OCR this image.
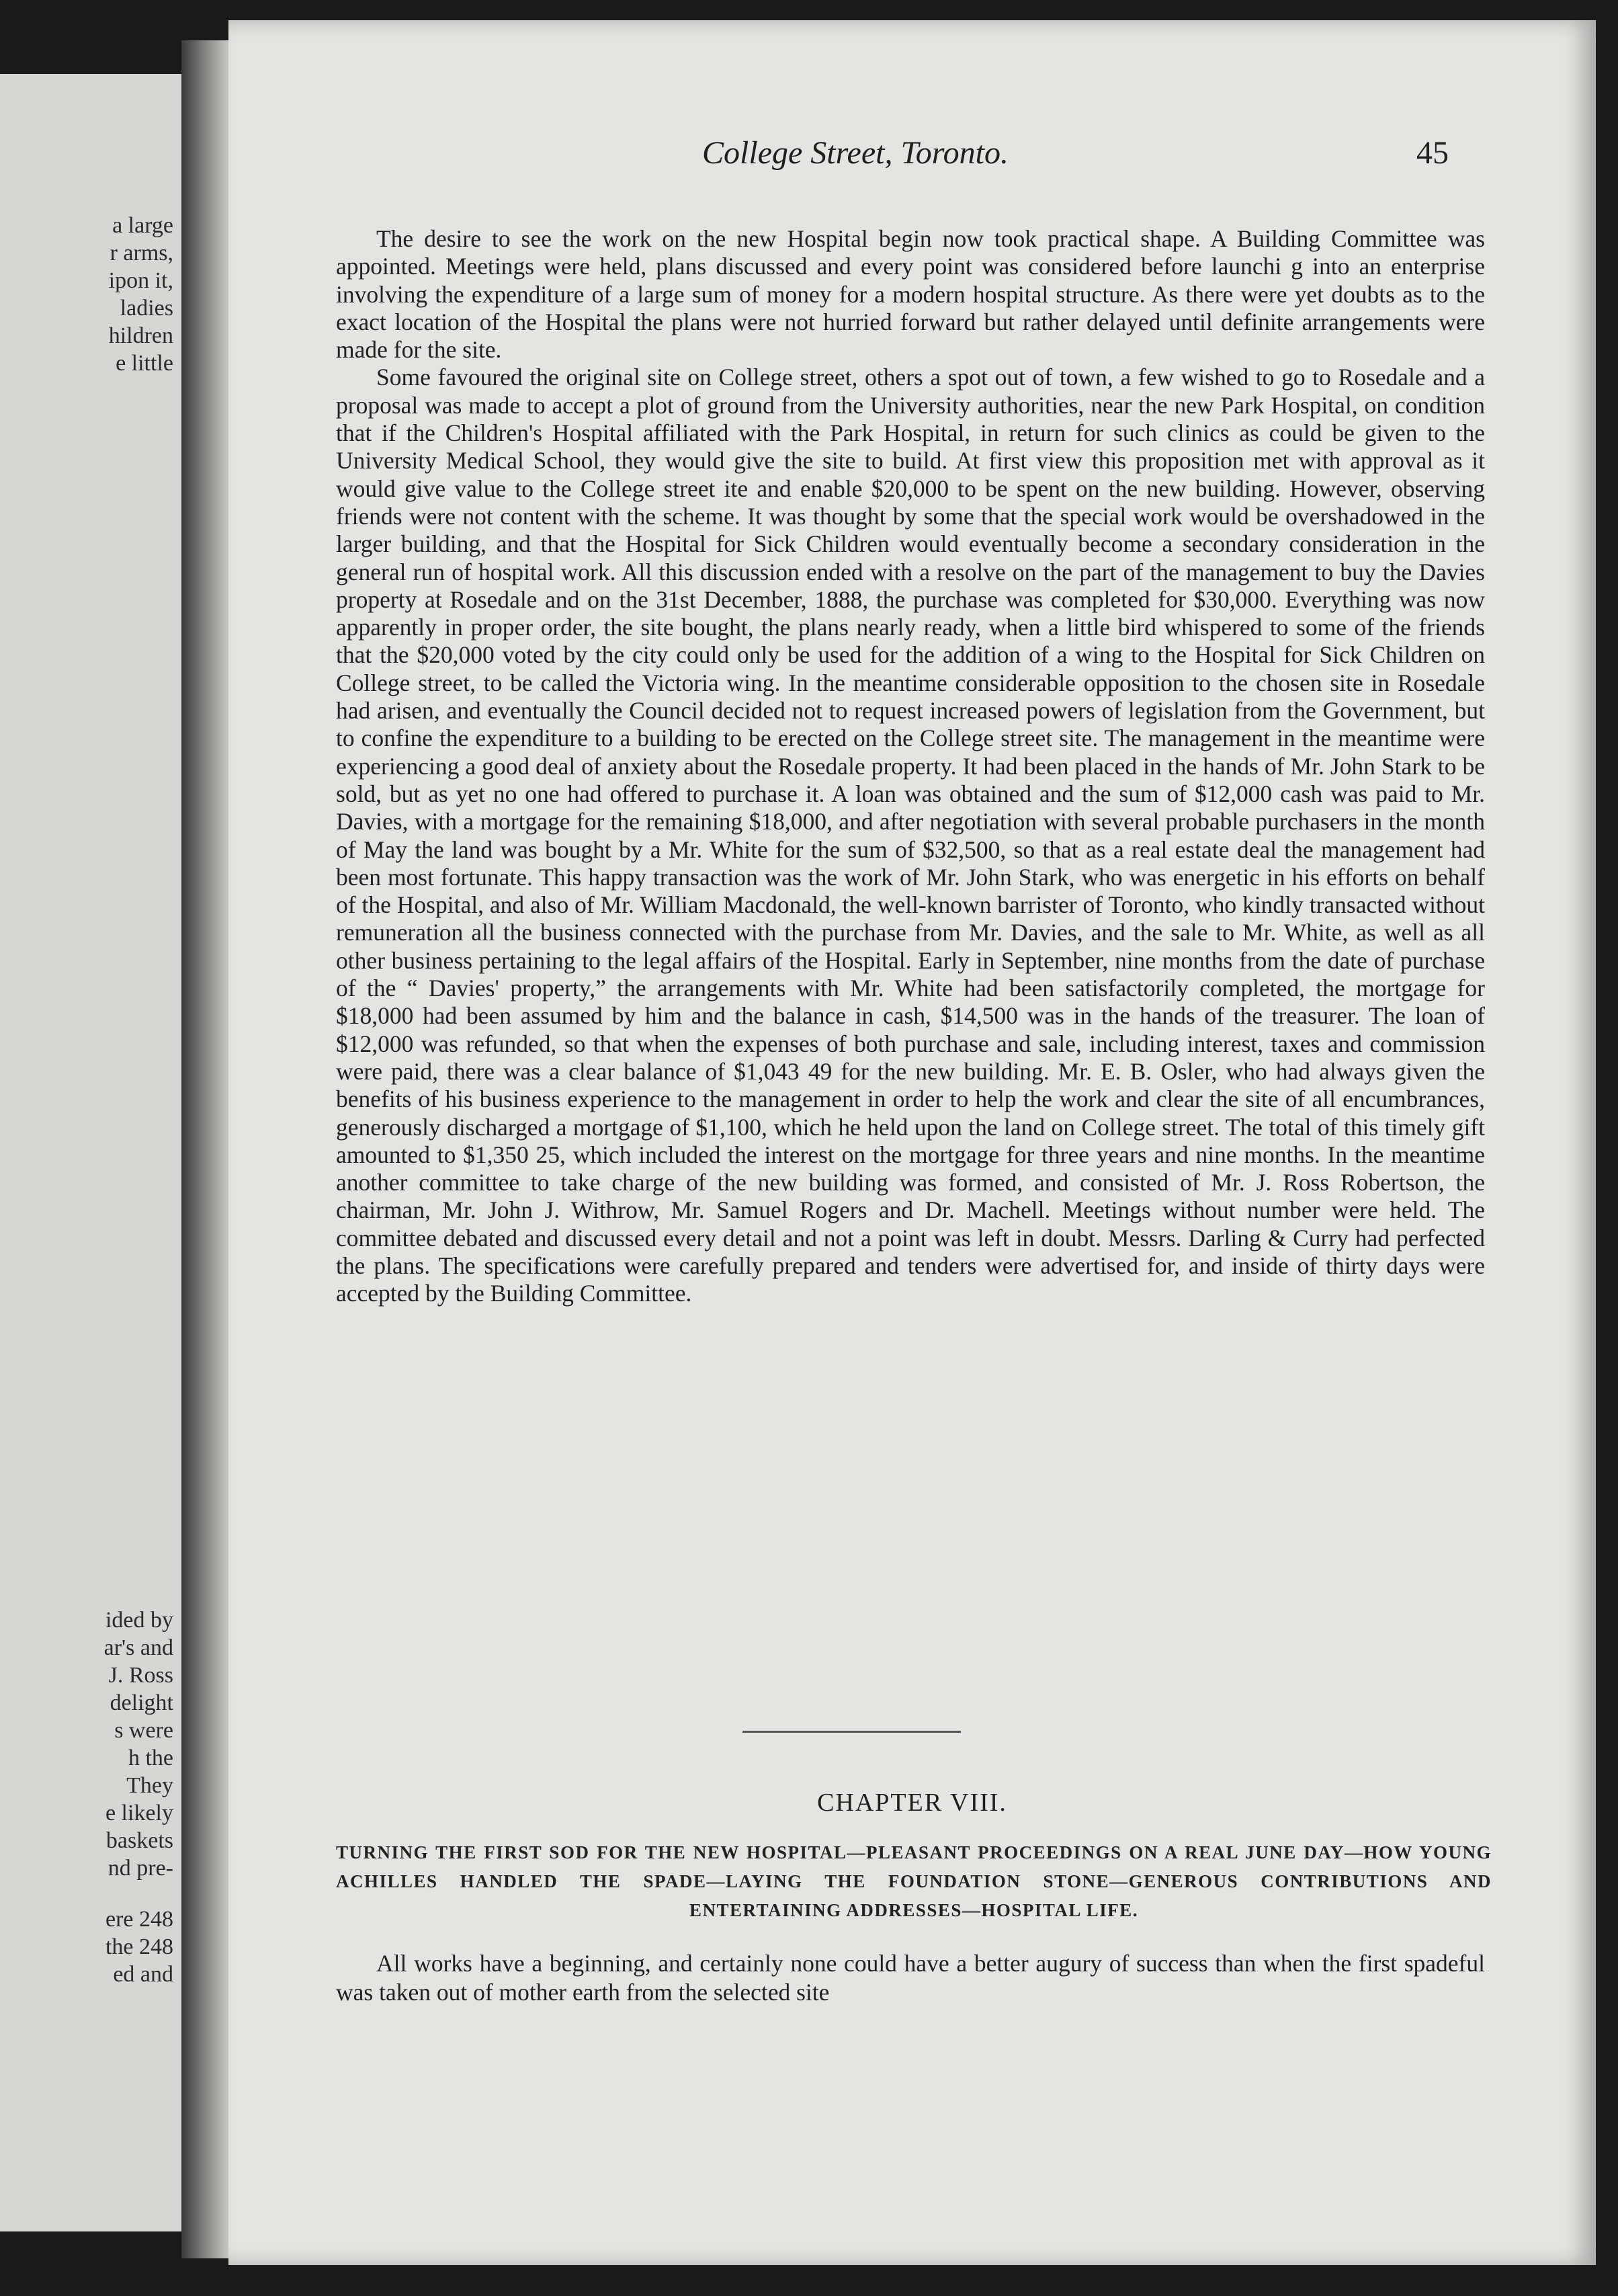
a large
r arms,
ipon it,
ladies
hildren
e little
ided by
ar's and
J. Ross
delight
s were
h the
They
e likely
baskets
nd pre-
ere 248
the 248
ed and
College Street, Toronto.	45

The desire to see the work on the new Hospital begin now took practical shape. A Building Committee was appointed. Meetings were held, plans discussed and every point was considered before launchi g into an enterprise involving the expenditure of a large sum of money for a modern hospital structure. As there were yet doubts as to the exact location of the Hospital the plans were not hurried forward but rather delayed until definite arrangements were made for the site.

Some favoured the original site on College street, others a spot out of town, a few wished to go to Rosedale and a proposal was made to accept a plot of ground from the University authorities, near the new Park Hospital, on condition that if the Children's Hospital affiliated with the Park Hospital, in return for such clinics as could be given to the University Medical School, they would give the site to build. At first view this proposition met with approval as it would give value to the College street ite and enable $20,000 to be spent on the new building. However, observing friends were not content with the scheme. It was thought by some that the special work would be overshadowed in the larger building, and that the Hospital for Sick Children would eventually become a secondary consideration in the general run of hospital work. All this discussion ended with a resolve on the part of the management to buy the Davies property at Rosedale and on the 31st December, 1888, the purchase was completed for $30,000. Everything was now apparently in proper order, the site bought, the plans nearly ready, when a little bird whispered to some of the friends that the $20,000 voted by the city could only be used for the addition of a wing to the Hospital for Sick Children on College street, to be called the Victoria wing. In the meantime considerable opposition to the chosen site in Rosedale had arisen, and eventually the Council decided not to request increased powers of legislation from the Government, but to confine the expenditure to a building to be erected on the College street site. The management in the meantime were experiencing a good deal of anxiety about the Rosedale property. It had been placed in the hands of Mr. John Stark to be sold, but as yet no one had offered to purchase it. A loan was obtained and the sum of $12,000 cash was paid to Mr. Davies, with a mortgage for the remaining $18,000, and after negotiation with several probable purchasers in the month of May the land was bought by a Mr. White for the sum of $32,500, so that as a real estate deal the management had been most fortunate. This happy transaction was the work of Mr. John Stark, who was energetic in his efforts on behalf of the Hospital, and also of Mr. William Macdonald, the well-known barrister of Toronto, who kindly transacted without remuneration all the business connected with the purchase from Mr. Davies, and the sale to Mr. White, as well as all other business pertaining to the legal affairs of the Hospital. Early in September, nine months from the date of purchase of the “ Davies' property,” the arrangements with Mr. White had been satisfactorily completed, the mortgage for $18,000 had been assumed by him and the balance in cash, $14,500 was in the hands of the treasurer. The loan of $12,000 was refunded, so that when the expenses of both purchase and sale, including interest, taxes and commission were paid, there was a clear balance of $1,043 49 for the new building. Mr. E. B. Osler, who had always given the benefits of his business experience to the management in order to help the work and clear the site of all encumbrances, generously discharged a mortgage of $1,100, which he held upon the land on College street. The total of this timely gift amounted to $1,350 25, which included the interest on the mortgage for three years and nine months. In the meantime another committee to take charge of the new building was formed, and consisted of Mr. J. Ross Robertson, the chairman, Mr. John J. Withrow, Mr. Samuel Rogers and Dr. Machell. Meetings without number were held. The committee debated and discussed every detail and not a point was left in doubt. Messrs. Darling & Curry had perfected the plans. The specifications were carefully prepared and tenders were advertised for, and inside of thirty days were accepted by the Building Committee.

CHAPTER VIII.
TURNING THE FIRST SOD FOR THE NEW HOSPITAL—PLEASANT PROCEEDINGS ON A REAL JUNE DAY—HOW YOUNG ACHILLES HANDLED THE SPADE—LAYING THE FOUNDATION STONE—GENEROUS CONTRIBUTIONS AND ENTERTAINING ADDRESSES—HOSPITAL LIFE.

All works have a beginning, and certainly none could have a better augury of success than when the first spadeful was taken out of mother earth from the selected site
